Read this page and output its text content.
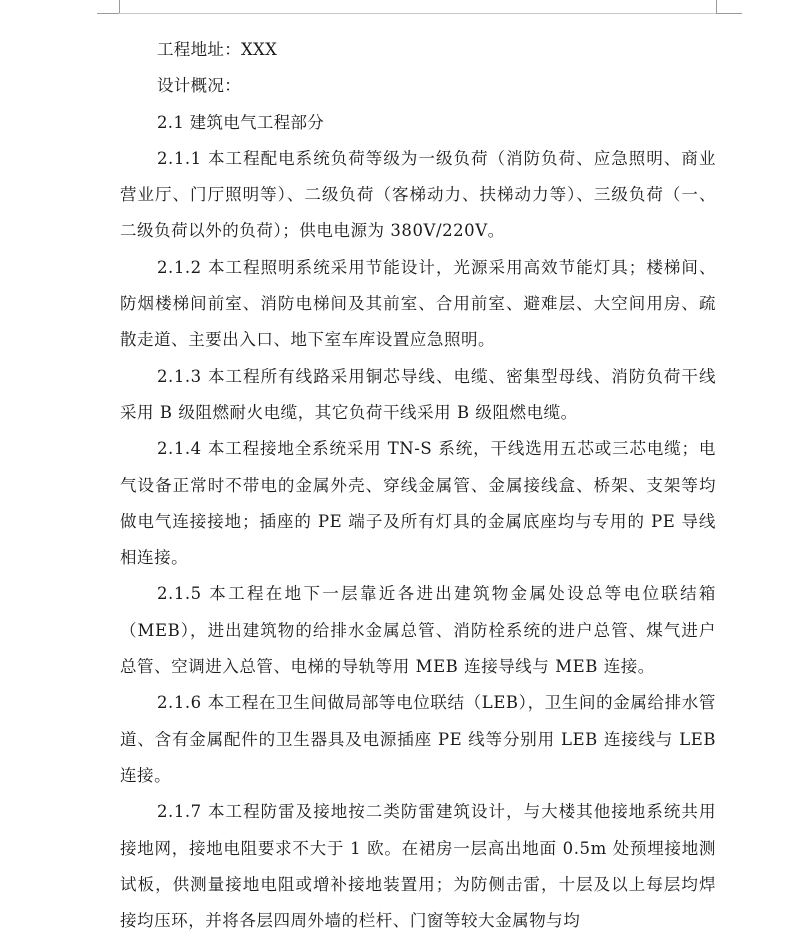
工程地址：XXX
设计概况：
2.1 建筑电气工程部分

2.1.1 本工程配电系统负荷等级为一级负荷（消防负荷、应急照明、商业营业厅、门厅照明等）、二级负荷（客梯动力、扶梯动力等）、三级负荷（一、二级负荷以外的负荷）；供电电源为 380V/220V。

2.1.2 本工程照明系统采用节能设计，光源采用高效节能灯具；楼梯间、防烟楼梯间前室、消防电梯间及其前室、合用前室、避难层、大空间用房、疏散走道、主要出入口、地下室车库设置应急照明。

2.1.3 本工程所有线路采用铜芯导线、电缆、密集型母线、消防负荷干线采用 B 级阻燃耐火电缆，其它负荷干线采用 B 级阻燃电缆。

2.1.4 本工程接地全系统采用 TN-S 系统，干线选用五芯或三芯电缆；电气设备正常时不带电的金属外壳、穿线金属管、金属接线盒、桥架、支架等均做电气连接接地；插座的 PE 端子及所有灯具的金属底座均与专用的 PE 导线相连接。

2.1.5 本工程在地下一层靠近各进出建筑物金属处设总等电位联结箱（MEB），进出建筑物的给排水金属总管、消防栓系统的进户总管、煤气进户总管、空调进入总管、电梯的导轨等用 MEB 连接导线与 MEB 连接。

2.1.6 本工程在卫生间做局部等电位联结（LEB），卫生间的金属给排水管道、含有金属配件的卫生器具及电源插座 PE 线等分别用 LEB 连接线与 LEB 连接。

2.1.7 本工程防雷及接地按二类防雷建筑设计，与大楼其他接地系统共用接地网，接地电阻要求不大于 1 欧。在裙房一层高出地面 0.5m 处预埋接地测试板，供测量接地电阻或增补接地装置用；为防侧击雷，十层及以上每层均焊接均压环，并将各层四周外墙的栏杆、门窗等较大金属物与均
